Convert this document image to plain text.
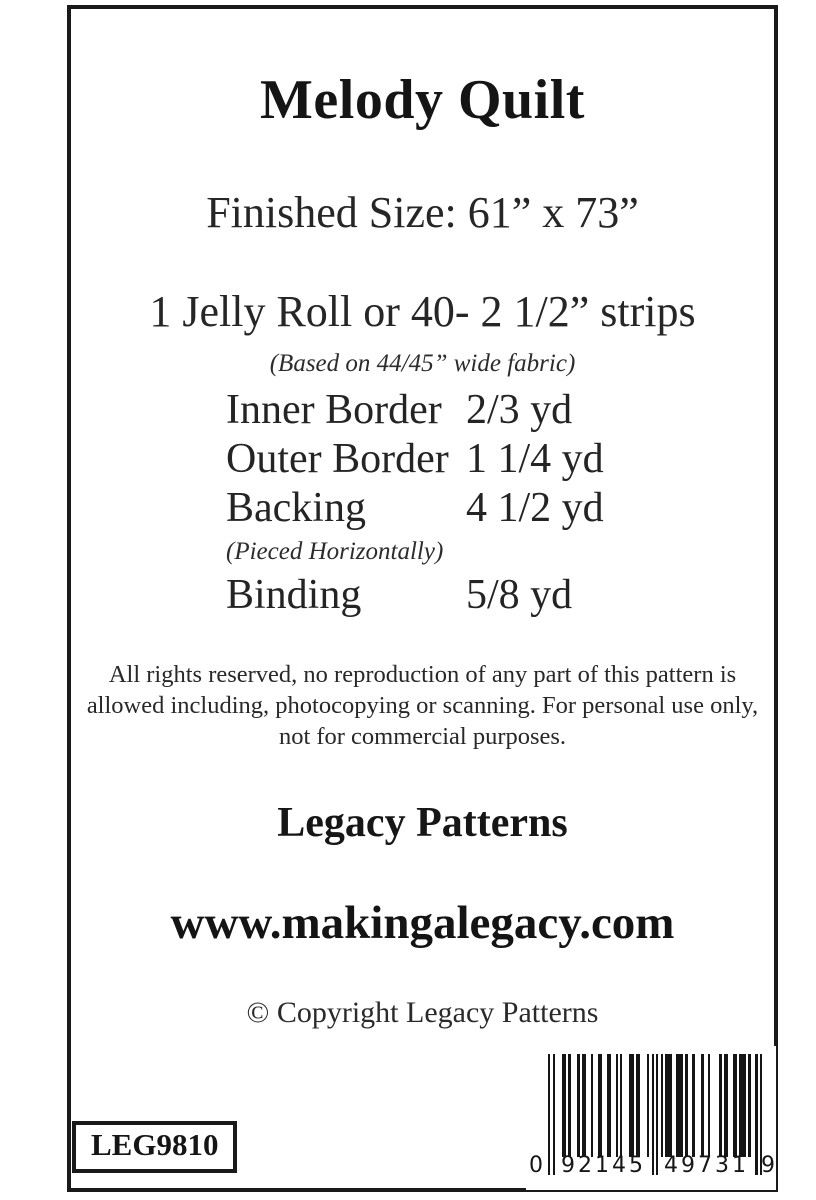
Melody Quilt
Finished Size: 61” x 73”
1 Jelly Roll or 40- 2 1/2” strips
(Based on 44/45” wide fabric)
Inner Border 2/3 yd
Outer Border 1 1/4 yd
Backing	4 1/2 yd
(Pieced Horizontally)
Binding	5/8 yd
All rights reserved, no reproduction of any part of this pattern is allowed including, photocopying or scanning. For personal use only, not for commercial purposes.
Legacy Patterns
www.makingalegacy.com
© Copyright Legacy Patterns
LEG9810
0 92145 49731 9
